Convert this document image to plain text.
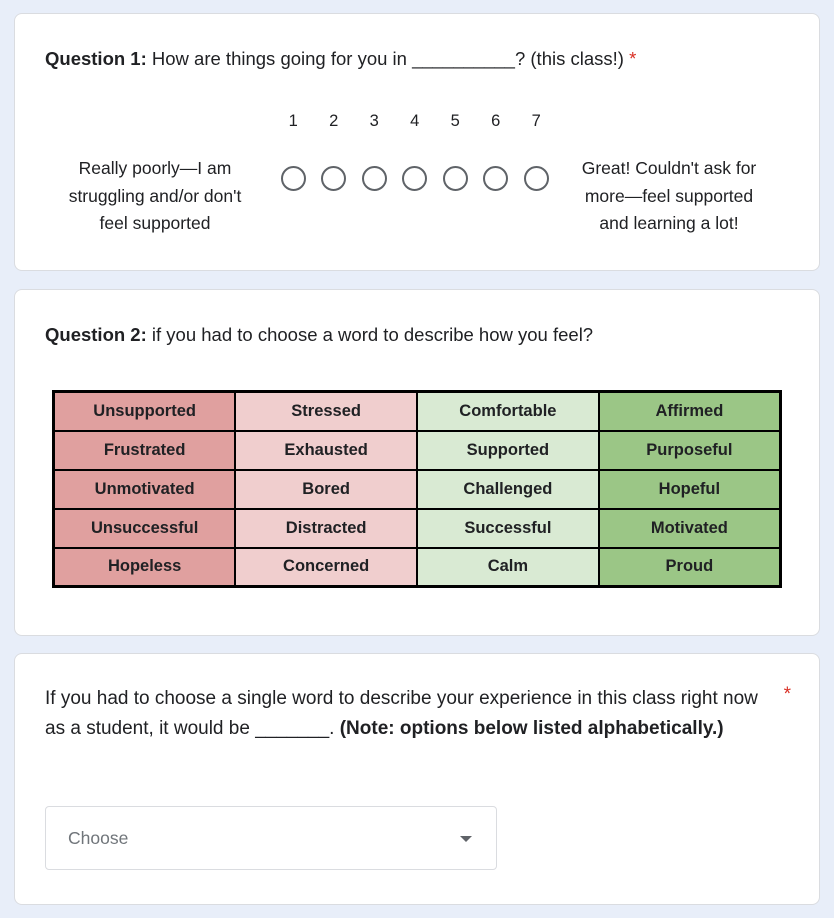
Question 1: How are things going for you in __________? (this class!) *
1	2	3	4	5	6	7
Really poorly—I am struggling and/or don't feel supported
Great! Couldn't ask for more—feel supported and learning a lot!
Question 2: if you had to choose a word to describe how you feel?
Unsupported	Stressed	Comfortable	Affirmed
Frustrated	Exhausted	Supported	Purposeful
Unmotivated	Bored	Challenged	Hopeful
Unsuccessful	Distracted	Successful	Motivated
Hopeless	Concerned	Calm	Proud
If you had to choose a single word to describe your experience in this class right now as a student, it would be _______. (Note: options below listed alphabetically.)
*
Choose
